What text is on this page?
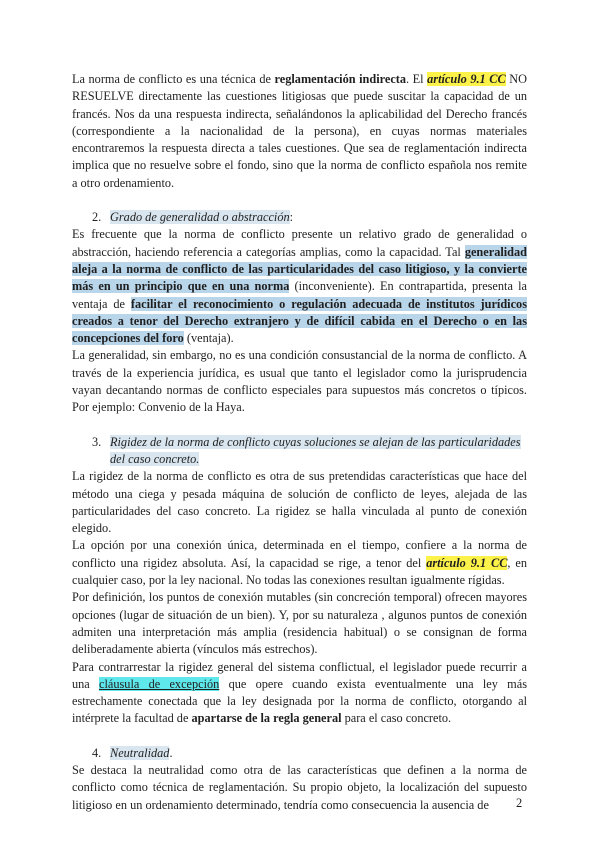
La norma de conflicto es una técnica de reglamentación indirecta. El artículo 9.1 CC NO RESUELVE directamente las cuestiones litigiosas que puede suscitar la capacidad de un francés. Nos da una respuesta indirecta, señalándonos la aplicabilidad del Derecho francés (correspondiente a la nacionalidad de la persona), en cuyas normas materiales encontraremos la respuesta directa a tales cuestiones. Que sea de reglamentación indirecta implica que no resuelve sobre el fondo, sino que la norma de conflicto española nos remite a otro ordenamiento.

2. Grado de generalidad o abstracción:

Es frecuente que la norma de conflicto presente un relativo grado de generalidad o abstracción, haciendo referencia a categorías amplias, como la capacidad. Tal generalidad aleja a la norma de conflicto de las particularidades del caso litigioso, y la convierte más en un principio que en una norma (inconveniente). En contrapartida, presenta la ventaja de facilitar el reconocimiento o regulación adecuada de institutos jurídicos creados a tenor del Derecho extranjero y de difícil cabida en el Derecho o en las concepciones del foro (ventaja).

La generalidad, sin embargo, no es una condición consustancial de la norma de conflicto. A través de la experiencia jurídica, es usual que tanto el legislador como la jurisprudencia vayan decantando normas de conflicto especiales para supuestos más concretos o típicos. Por ejemplo: Convenio de la Haya.

3. Rigidez de la norma de conflicto cuyas soluciones se alejan de las particularidades del caso concreto.

La rigidez de la norma de conflicto es otra de sus pretendidas características que hace del método una ciega y pesada máquina de solución de conflicto de leyes, alejada de las particularidades del caso concreto. La rigidez se halla vinculada al punto de conexión elegido.

La opción por una conexión única, determinada en el tiempo, confiere a la norma de conflicto una rigidez absoluta. Así, la capacidad se rige, a tenor del artículo 9.1 CC, en cualquier caso, por la ley nacional. No todas las conexiones resultan igualmente rígidas.

Por definición, los puntos de conexión mutables (sin concreción temporal) ofrecen mayores opciones (lugar de situación de un bien). Y, por su naturaleza , algunos puntos de conexión admiten una interpretación más amplia (residencia habitual) o se consignan de forma deliberadamente abierta (vínculos más estrechos).

Para contrarrestar la rigidez general del sistema conflictual, el legislador puede recurrir a una cláusula de excepción que opere cuando exista eventualmente una ley más estrechamente conectada que la ley designada por la norma de conflicto, otorgando al intérprete la facultad de apartarse de la regla general para el caso concreto.

4. Neutralidad.

Se destaca la neutralidad como otra de las características que definen a la norma de conflicto como técnica de reglamentación. Su propio objeto, la localización del supuesto litigioso en un ordenamiento determinado, tendría como consecuencia la ausencia de	2
